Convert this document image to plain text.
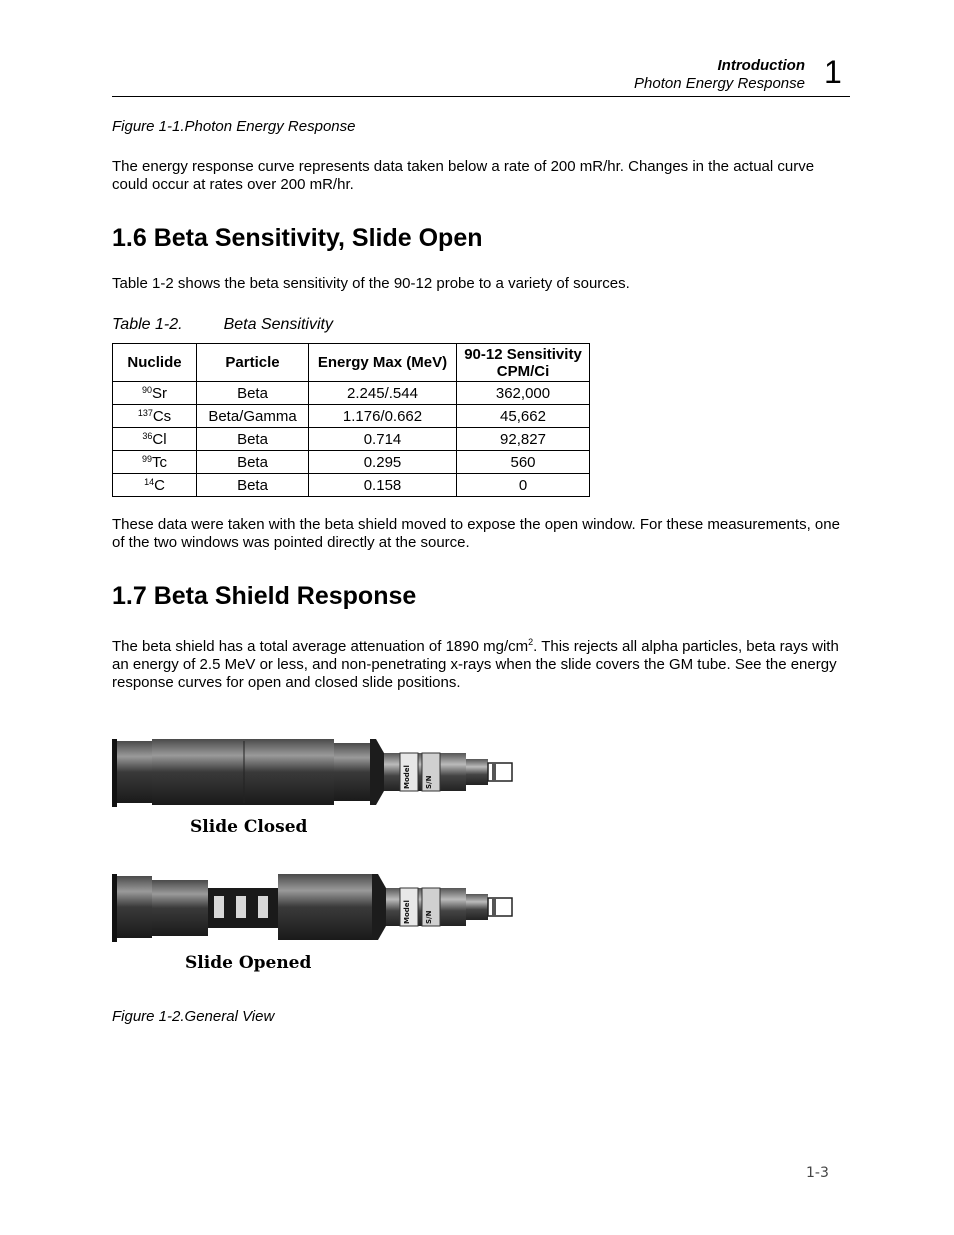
Introduction
Photon Energy Response 1
Figure 1-1.Photon Energy Response
The energy response curve represents data taken below a rate of 200 mR/hr. Changes in the actual curve could occur at rates over 200 mR/hr.
1.6 Beta Sensitivity, Slide Open
Table 1-2 shows the beta sensitivity of the 90-12 probe to a variety of sources.
Table 1-2.	Beta Sensitivity
Nuclide	Particle	Energy Max (MeV)	90-12 Sensitivity
CPM/Ci
$^{90}$Sr	Beta	2.245/.544	362,000
$^{137}$Cs	Beta/Gamma	1.176/0.662	45,662
$^{36}$Cl	Beta	0.714	92,827
$^{99}$Tc	Beta	0.295	560
$^{14}$C	Beta	0.158	0
These data were taken with the beta shield moved to expose the open window. For these measurements, one of the two windows was pointed directly at the source.
1.7 Beta Shield Response
The beta shield has a total average attenuation of 1890 $mg/cm^2$. This rejects all alpha particles, beta rays with an energy of 2.5 MeV or less, and non-penetrating x-rays when the slide covers the GM tube. See the energy response curves for open and closed slide positions.
Model S/N
Slide Closed
Model S/N
Slide Opened
Figure 1-2.General View
1-3
